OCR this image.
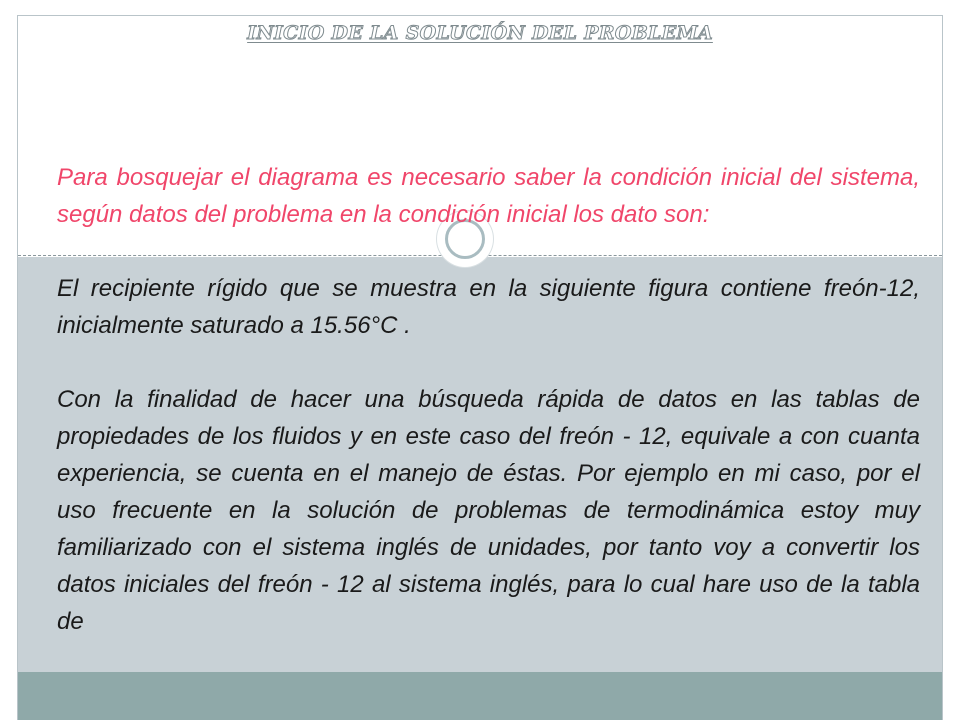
INICIO DE LA SOLUCIÓN DEL PROBLEMA

Para bosquejar el diagrama es necesario saber la condición inicial del sistema, según datos del problema en la condición inicial los dato son:

El recipiente rígido que se muestra en la siguiente figura contiene freón-12, inicialmente saturado a 15.56°C .

Con la finalidad de hacer una búsqueda rápida de datos en las tablas de propiedades de los fluidos y en este caso del freón - 12, equivale a con cuanta experiencia, se cuenta en el manejo de éstas. Por ejemplo en mi caso, por el uso frecuente en la solución de problemas de termodinámica estoy muy familiarizado con el sistema inglés de unidades, por tanto voy a convertir los datos iniciales del freón - 12 al sistema inglés, para lo cual hare uso de la tabla de
